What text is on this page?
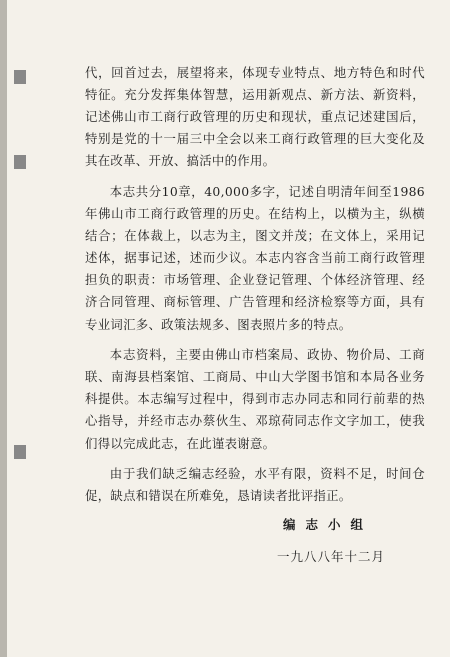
代，回首过去，展望将来，体现专业特点、地方特色和时代特征。充分发挥集体智慧，运用新观点、新方法、新资料，记述佛山市工商行政管理的历史和现状，重点记述建国后，特别是党的十一届三中全会以来工商行政管理的巨大变化及其在改革、开放、搞活中的作用。

本志共分10章，40,000多字，记述自明清年间至1986年佛山市工商行政管理的历史。在结构上，以横为主，纵横结合；在体裁上，以志为主，图文并茂；在文体上，采用记述体，据事记述，述而少议。本志内容含当前工商行政管理担负的职责：市场管理、企业登记管理、个体经济管理、经济合同管理、商标管理、广告管理和经济检察等方面，具有专业词汇多、政策法规多、图表照片多的特点。

本志资料，主要由佛山市档案局、政协、物价局、工商联、南海县档案馆、工商局、中山大学图书馆和本局各业务科提供。本志编写过程中，得到市志办同志和同行前辈的热心指导，并经市志办蔡伙生、邓琼荷同志作文字加工，使我们得以完成此志，在此谨表谢意。

由于我们缺乏编志经验，水平有限，资料不足，时间仓促，缺点和错误在所难免，恳请读者批评指正。

编志小组
一九八八年十二月
